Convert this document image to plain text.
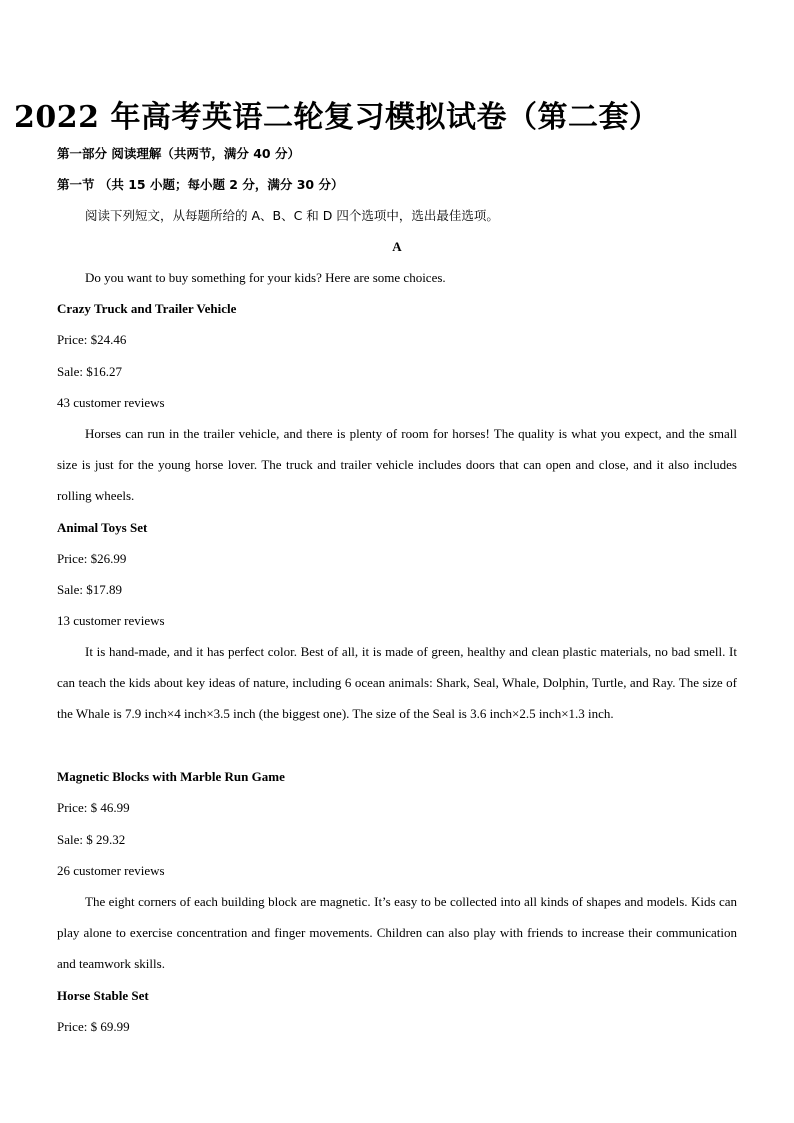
2022 年高考英语二轮复习模拟试卷（第二套）
第一部分 阅读理解（共两节，满分 40 分）
第一节 （共 15 小题；每小题 2 分，满分 30 分）
阅读下列短文，从每题所给的 A、B、C 和 D 四个选项中，选出最佳选项。
A
Do you want to buy something for your kids? Here are some choices.
Crazy Truck and Trailer Vehicle
Price: $24.46
Sale: $16.27
43 customer reviews
Horses can run in the trailer vehicle, and there is plenty of room for horses! The quality is what you expect, and the small size is just for the young horse lover. The truck and trailer vehicle includes doors that can open and close, and it also includes rolling wheels.
Animal Toys Set
Price: $26.99
Sale: $17.89
13 customer reviews
It is hand-made, and it has perfect color. Best of all, it is made of green, healthy and clean plastic materials, no bad smell. It can teach the kids about key ideas of nature, including 6 ocean animals: Shark, Seal, Whale, Dolphin, Turtle, and Ray. The size of the Whale is 7.9 inch×4 inch×3.5 inch (the biggest one). The size of the Seal is 3.6 inch×2.5 inch×1.3 inch.
Magnetic Blocks with Marble Run Game
Price: $ 46.99
Sale: $ 29.32
26 customer reviews
The eight corners of each building block are magnetic. It’s easy to be collected into all kinds of shapes and models. Kids can play alone to exercise concentration and finger movements. Children can also play with friends to increase their communication and teamwork skills.
Horse Stable Set
Price: $ 69.99
